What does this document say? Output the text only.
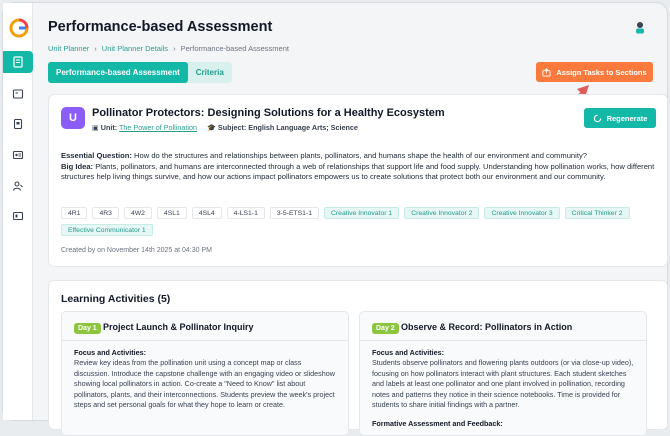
Performance-based Assessment
Unit Planner › Unit Planner Details › Performance-based Assessment
Performance-based Assessment	Criteria	Assign Tasks to Sections
U	Pollinator Protectors: Designing Solutions for a Healthy Ecosystem
▣ Unit: The Power of Pollination 🎓 Subject: English Language Arts; Science
Regenerate
Essential Question: How do the structures and relationships between plants, pollinators, and humans shape the health of our environment and community?
Big Idea: Plants, pollinators, and humans are interconnected through a web of relationships that support life and food supply. Understanding how pollination works, how different structures help living things survive, and how our actions impact pollinators empowers us to create solutions that protect both our environment and our community.
4R1	4R3	4W2	4SL1	4SL4	4-LS1-1	3-5-ETS1-1	Creative Innovator 1	Creative Innovator 2	Creative Innovator 3	Critical Thinker 2
Effective Communicator 1
Created by on November 14th 2025 at 04:30 PM
Learning Activities (5)
Day 1 Project Launch & Pollinator Inquiry
Focus and Activities:
Review key ideas from the pollination unit using a concept map or class discussion. Introduce the capstone challenge with an engaging video or slideshow showing local pollinators in action. Co-create a "Need to Know" list about pollinators, plants, and their interconnections. Students preview the week's project steps and set personal goals for what they hope to learn or create.
Day 2 Observe & Record: Pollinators in Action
Focus and Activities:
Students observe pollinators and flowering plants outdoors (or via close-up video), focusing on how pollinators interact with plant structures. Each student sketches and labels at least one pollinator and one plant involved in pollination, recording notes and patterns they notice in their science notebooks. Time is provided for students to share initial findings with a partner.
Formative Assessment and Feedback:
